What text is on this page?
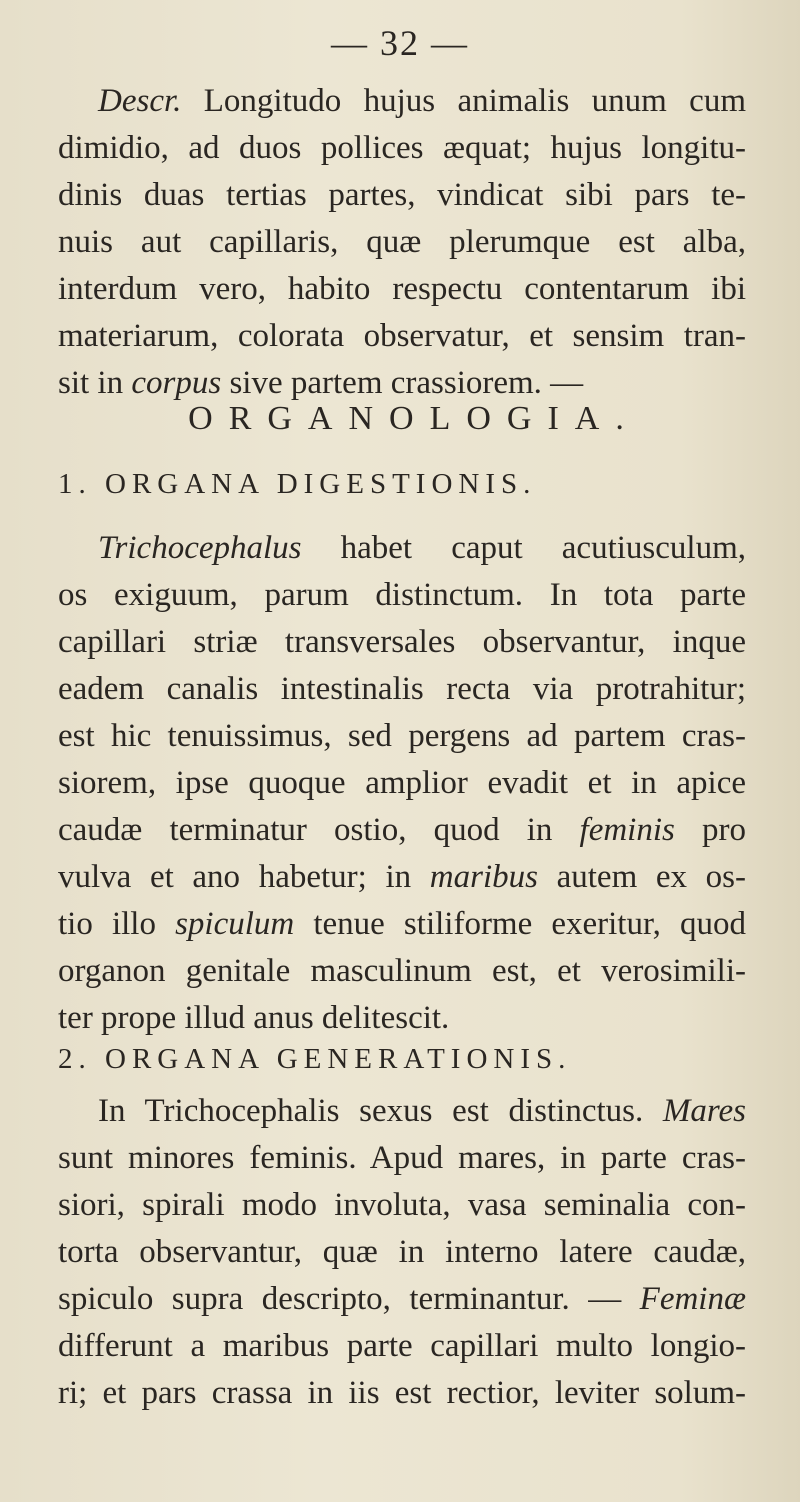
— 32 —
Descr. Longitudo hujus animalis unum cum
dimidio, ad duos pollices æquat; hujus longitu-
dinis duas tertias partes, vindicat sibi pars te-
nuis aut capillaris, quæ plerumque est alba,
interdum vero, habito respectu contentarum ibi
materiarum, colorata observatur, et sensim tran-
sit in corpus sive partem crassiorem. —
ORGANOLOGIA.
1. ORGANA DIGESTIONIS.
Trichocephalus habet caput acutiusculum,
os exiguum, parum distinctum. In tota parte
capillari striæ transversales observantur, inque
eadem canalis intestinalis recta via protrahitur;
est hic tenuissimus, sed pergens ad partem cras-
siorem, ipse quoque amplior evadit et in apice
caudæ terminatur ostio, quod in feminis pro
vulva et ano habetur; in maribus autem ex os-
tio illo spiculum tenue stiliforme exeritur, quod
organon genitale masculinum est, et verosimili-
ter prope illud anus delitescit.
2. ORGANA GENERATIONIS.
In Trichocephalis sexus est distinctus. Mares
sunt minores feminis. Apud mares, in parte cras-
siori, spirali modo involuta, vasa seminalia con-
torta observantur, quæ in interno latere caudæ,
spiculo supra descripto, terminantur. — Feminæ
differunt a maribus parte capillari multo longio-
ri; et pars crassa in iis est rectior, leviter solum-
